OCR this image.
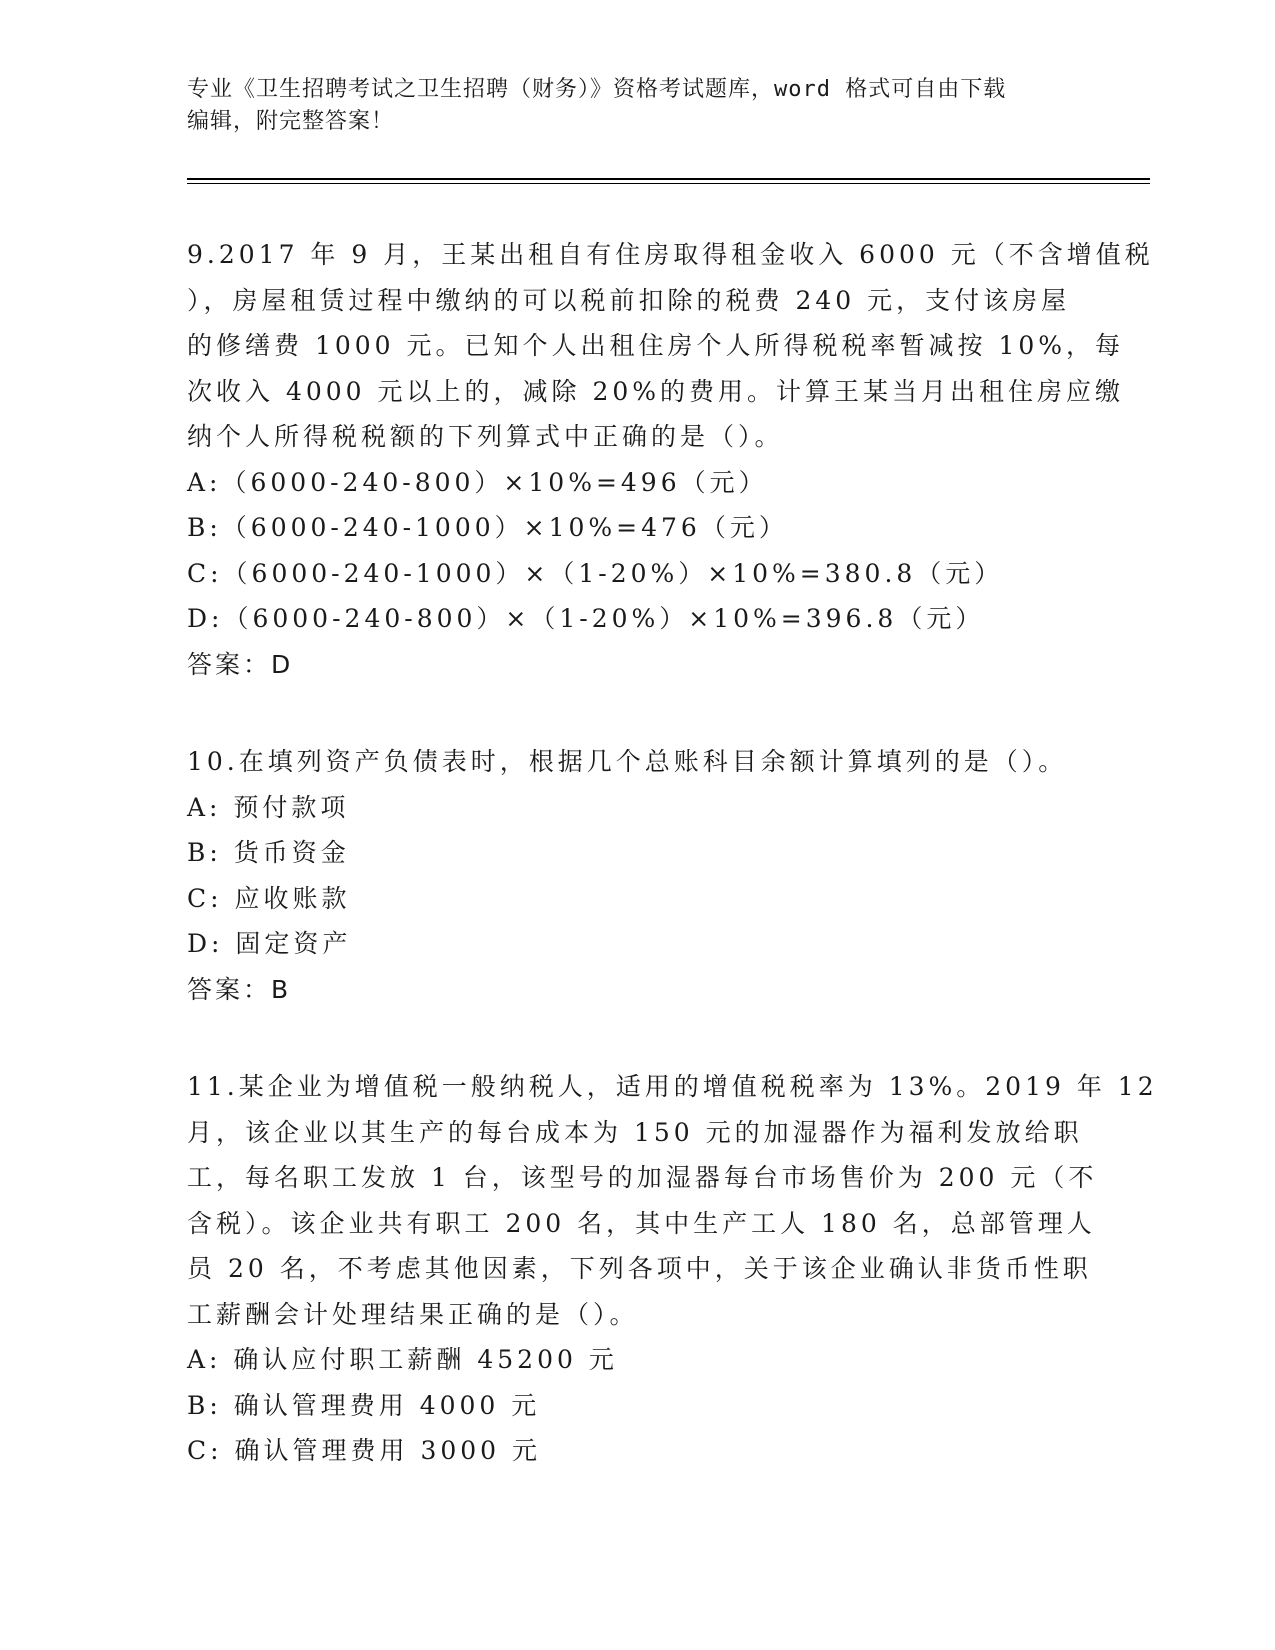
专业《卫生招聘考试之卫生招聘（财务）》资格考试题库，word 格式可自由下载
编辑，附完整答案！
9.2017 年 9 月，王某出租自有住房取得租金收入 6000 元（不含增值税
），房屋租赁过程中缴纳的可以税前扣除的税费 240 元，支付该房屋
的修缮费 1000 元。已知个人出租住房个人所得税税率暂减按 10%，每
次收入 4000 元以上的，减除 20%的费用。计算王某当月出租住房应缴
纳个人所得税税额的下列算式中正确的是（）。
A:（6000-240-800）×10%=496（元）
B:（6000-240-1000）×10%=476（元）
C:（6000-240-1000）×（1-20%）×10%=380.8（元）
D:（6000-240-800）×（1-20%）×10%=396.8（元）
答案：D
10.在填列资产负债表时，根据几个总账科目余额计算填列的是（）。
A: 预付款项
B: 货币资金
C: 应收账款
D: 固定资产
答案：B
11.某企业为增值税一般纳税人，适用的增值税税率为 13%。2019 年 12
月，该企业以其生产的每台成本为 150 元的加湿器作为福利发放给职
工，每名职工发放 1 台，该型号的加湿器每台市场售价为 200 元（不
含税）。该企业共有职工 200 名，其中生产工人 180 名，总部管理人
员 20 名，不考虑其他因素，下列各项中，关于该企业确认非货币性职
工薪酬会计处理结果正确的是（）。
A: 确认应付职工薪酬 45200 元
B: 确认管理费用 4000 元
C: 确认管理费用 3000 元
